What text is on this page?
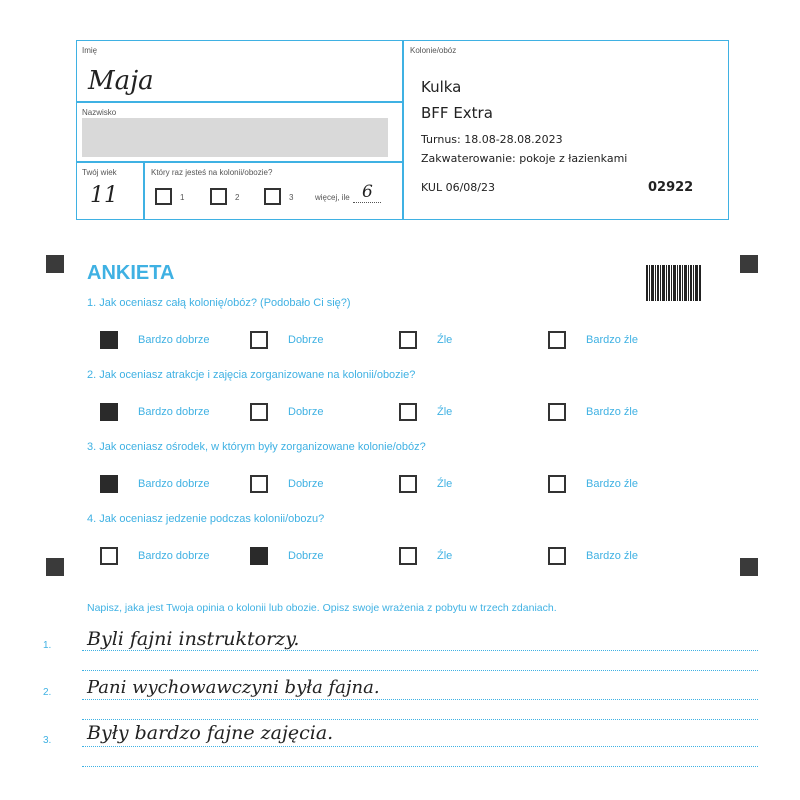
Imię
Maja
Nazwisko
Twój wiek
11
Który raz jesteś na kolonii/obozie?
1	2	3	więcej, ile 6
Kolonie/obóz
Kulka
BFF Extra
Turnus: 18.08-28.08.2023
Zakwaterowanie: pokoje z łazienkami
KUL 06/08/23	02922
ANKIETA
1. Jak oceniasz całą kolonię/obóz? (Podobało Ci się?)
Bardzo dobrze	Dobrze	Źle	Bardzo źle
2. Jak oceniasz atrakcje i zajęcia zorganizowane na kolonii/obozie?
Bardzo dobrze	Dobrze	Źle	Bardzo źle
3. Jak oceniasz ośrodek, w którym były zorganizowane kolonie/obóz?
Bardzo dobrze	Dobrze	Źle	Bardzo źle
4. Jak oceniasz jedzenie podczas kolonii/obozu?
Bardzo dobrze	Dobrze	Źle	Bardzo źle
Napisz, jaka jest Twoja opinia o kolonii lub obozie. Opisz swoje wrażenia z pobytu w trzech zdaniach.
1. Byli fajni instruktorzy.
2. Pani wychowawczyni była fajna.
3. Były bardzo fajne zajęcia.
